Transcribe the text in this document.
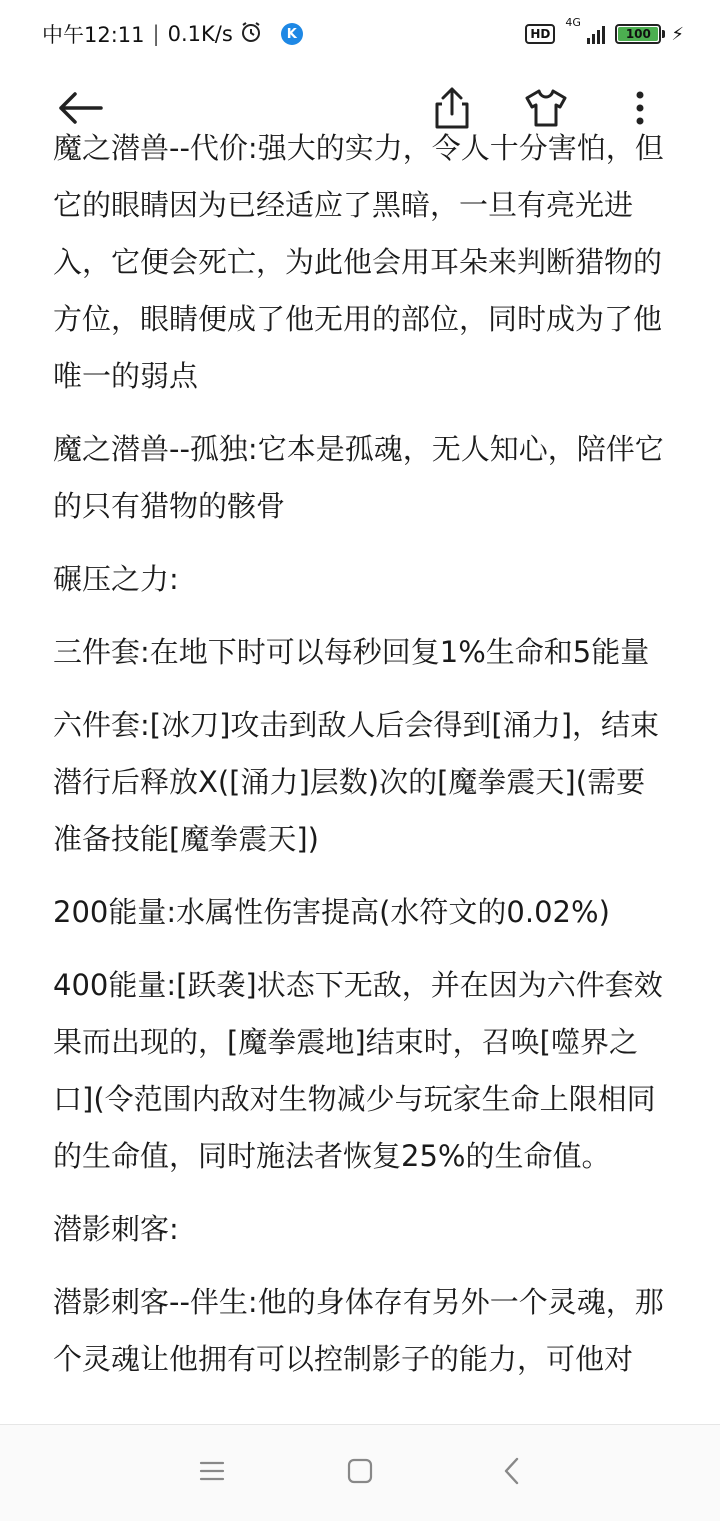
中午12:11 | 0.1K/s	K	HD
4G
100	⚡

魔之潜兽--代价:强大的实力，令人十分害怕，但它的眼睛因为已经适应了黑暗，一旦有亮光进入，它便会死亡，为此他会用耳朵来判断猎物的方位，眼睛便成了他无用的部位，同时成为了他唯一的弱点

魔之潜兽--孤独:它本是孤魂，无人知心，陪伴它的只有猎物的骸骨

碾压之力:

三件套:在地下时可以每秒回复1%生命和5能量

六件套:[冰刀]攻击到敌人后会得到[涌力]，结束潜行后释放X([涌力]层数)次的[魔拳震天](需要准备技能[魔拳震天])

200能量:水属性伤害提高(水符文的0.02%)

400能量:[跃袭]状态下无敌，并在因为六件套效果而出现的，[魔拳震地]结束时，召唤[噬界之口](令范围内敌对生物减少与玩家生命上限相同的生命值，同时施法者恢复25%的生命值。

潜影刺客:

潜影刺客--伴生:他的身体存有另外一个灵魂，那个灵魂让他拥有可以控制影子的能力，可他对
